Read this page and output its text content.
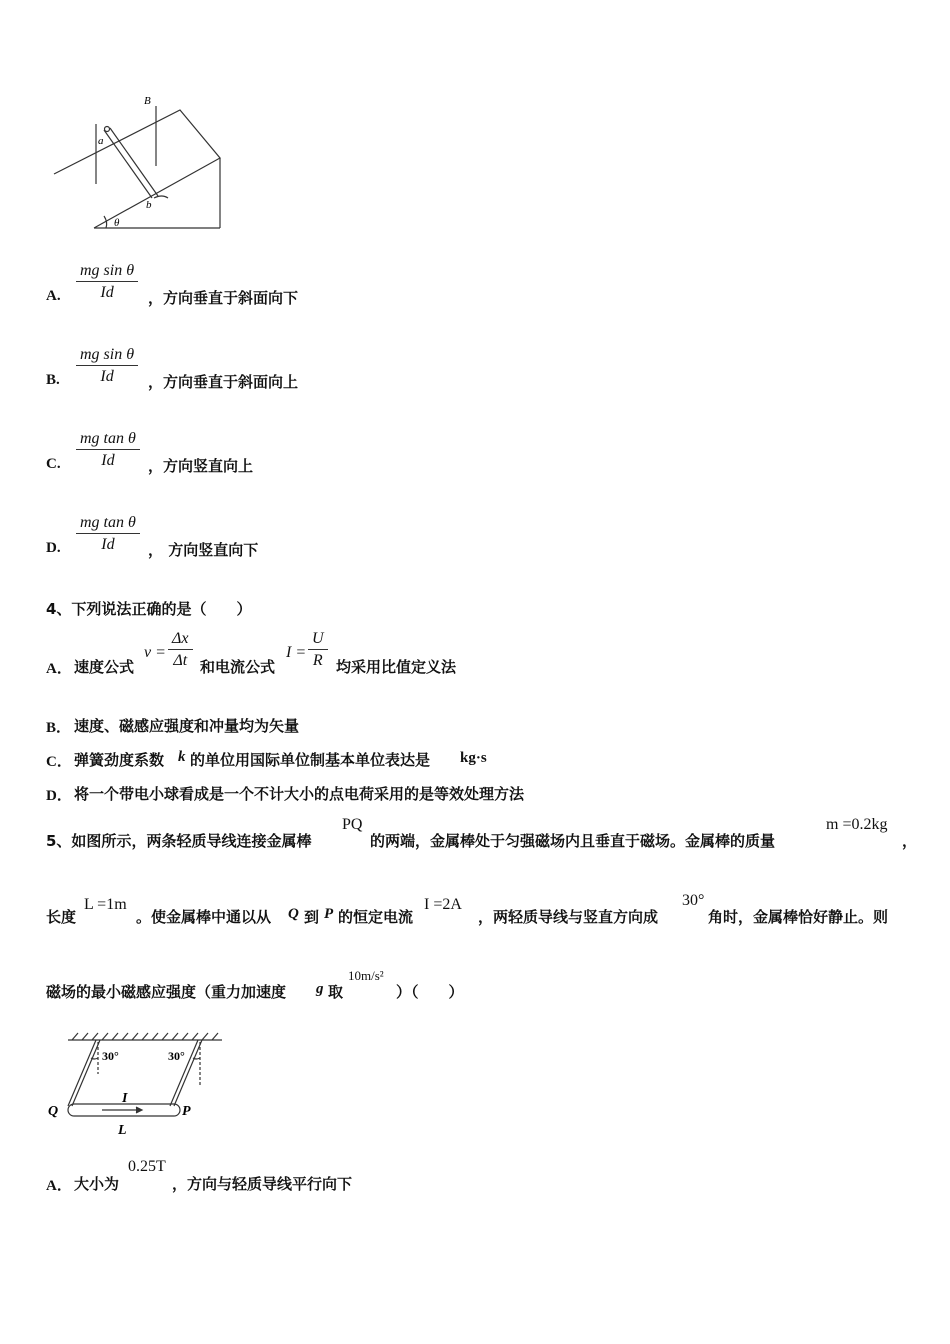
B
a
b
θ
A. $\frac{\text{mg sin θ}}{Id}$ ，方向垂直于斜面向下
B. $\frac{\text{mg sin θ}}{Id}$ ，方向垂直于斜面向上
C. $\frac{\text{mg tan θ}}{Id}$ ，方向竖直向上
D. $\frac{\text{mg tan θ}}{Id}$ ， 方向竖直向下
4、下列说法正确的是（　　）
A． 速度公式
$v = \frac{\Delta x}{\Delta t}$ 和电流公式
$I = \frac{U}{R}$ 均采用比值定义法
B． 速度、磁感应强度和冲量均为矢量
C． 弹簧劲度系数 k 的单位用国际单位制基本单位表达是 kg·s
D． 将一个带电小球看成是一个不计大小的点电荷采用的是等效处理方法
5、如图所示，两条轻质导线连接金属棒
PQ
的两端，金属棒处于匀强磁场内且垂直于磁场。金属棒的质量
m =0.2kg
，
长度
L =1m
。使金属棒中通以从 Q 到 P 的恒定电流
I =2A
，两轻质导线与竖直方向成
30°
角时，金属棒恰好静止。则
磁场的最小磁感应强度（重力加速度 g 取
10m/s²
）（　　）
30°	30°
Q	P
I
L
A． 大小为
0.25T
，方向与轻质导线平行向下
